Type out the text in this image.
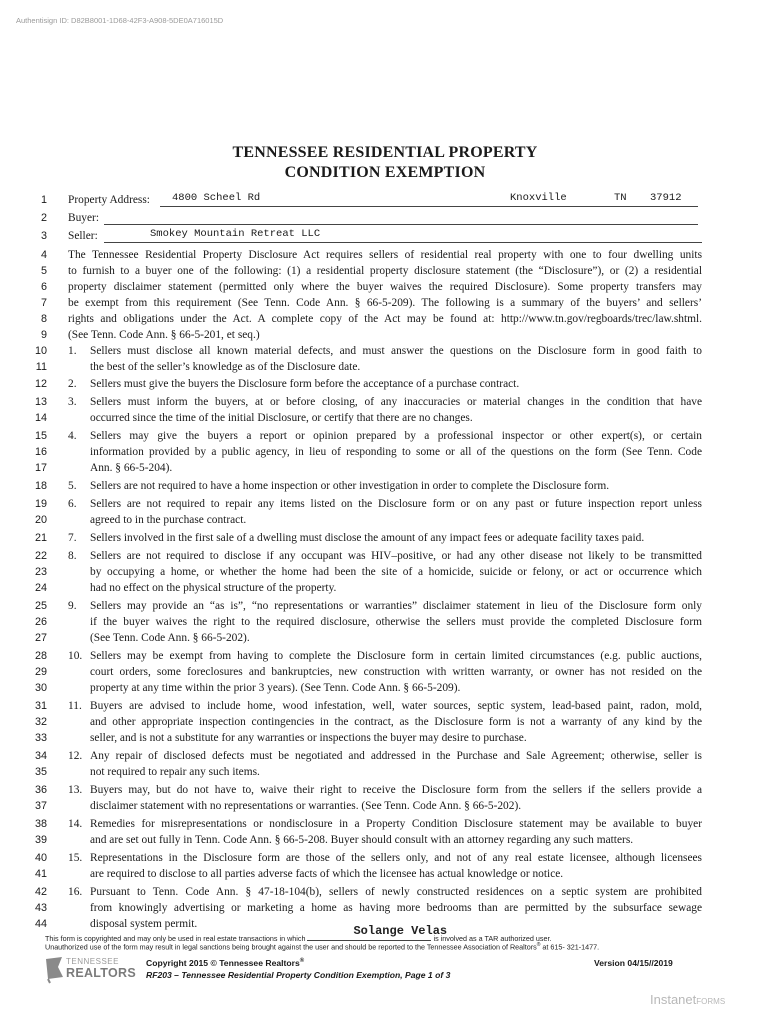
Authentisign ID: D82B8001-1D68-42F3-A908-5DE0A716015D
TENNESSEE RESIDENTIAL PROPERTY
CONDITION EXEMPTION
1 Property Address: 4800 Scheel Rd	Knoxville	TN 37912
2 Buyer:
3 Seller:	Smokey Mountain Retreat LLC
4 The Tennessee Residential Property Disclosure Act requires sellers of residential real property with one to four dwelling units
5 to furnish to a buyer one of the following: (1) a residential property disclosure statement (the “Disclosure”), or (2) a residential
6 property disclaimer statement (permitted only where the buyer waives the required Disclosure). Some property transfers may
7 be exempt from this requirement (See Tenn. Code Ann. § 66-5-209). The following is a summary of the buyers’ and sellers’
8 rights and obligations under the Act. A complete copy of the Act may be found at: http://www.tn.gov/regboards/trec/law.shtml.
9 (See Tenn. Code Ann. § 66-5-201, et seq.)
10 1. Sellers must disclose all known material defects, and must answer the questions on the Disclosure form in good faith to
11	the best of the seller’s knowledge as of the Disclosure date.
12 2. Sellers must give the buyers the Disclosure form before the acceptance of a purchase contract.
13 3. Sellers must inform the buyers, at or before closing, of any inaccuracies or material changes in the condition that have
14	occurred since the time of the initial Disclosure, or certify that there are no changes.
15 4. Sellers may give the buyers a report or opinion prepared by a professional inspector or other expert(s), or certain
16	information provided by a public agency, in lieu of responding to some or all of the questions on the form (See Tenn. Code
17	Ann. § 66-5-204).
18 5. Sellers are not required to have a home inspection or other investigation in order to complete the Disclosure form.
19 6. Sellers are not required to repair any items listed on the Disclosure form or on any past or future inspection report unless
20	agreed to in the purchase contract.
21 7. Sellers involved in the first sale of a dwelling must disclose the amount of any impact fees or adequate facility taxes paid.
22 8. Sellers are not required to disclose if any occupant was HIV–positive, or had any other disease not likely to be transmitted
23	by occupying a home, or whether the home had been the site of a homicide, suicide or felony, or act or occurrence which
24	had no effect on the physical structure of the property.
25 9. Sellers may provide an “as is”, “no representations or warranties” disclaimer statement in lieu of the Disclosure form only
26	if the buyer waives the right to the required disclosure, otherwise the sellers must provide the completed Disclosure form
27	(See Tenn. Code Ann. § 66-5-202).
28 10. Sellers may be exempt from having to complete the Disclosure form in certain limited circumstances (e.g. public auctions,
29	court orders, some foreclosures and bankruptcies, new construction with written warranty, or owner has not resided on the
30	property at any time within the prior 3 years). (See Tenn. Code Ann. § 66-5-209).
31 11. Buyers are advised to include home, wood infestation, well, water sources, septic system, lead-based paint, radon, mold,
32	and other appropriate inspection contingencies in the contract, as the Disclosure form is not a warranty of any kind by the
33	seller, and is not a substitute for any warranties or inspections the buyer may desire to purchase.
34 12. Any repair of disclosed defects must be negotiated and addressed in the Purchase and Sale Agreement; otherwise, seller is
35	not required to repair any such items.
36 13. Buyers may, but do not have to, waive their right to receive the Disclosure form from the sellers if the sellers provide a
37	disclaimer statement with no representations or warranties. (See Tenn. Code Ann. § 66-5-202).
38 14. Remedies for misrepresentations or nondisclosure in a Property Condition Disclosure statement may be available to buyer
39	and are set out fully in Tenn. Code Ann. § 66-5-208. Buyer should consult with an attorney regarding any such matters.
40 15. Representations in the Disclosure form are those of the sellers only, and not of any real estate licensee, although licensees
41	are required to disclose to all parties adverse facts of which the licensee has actual knowledge or notice.
42 16. Pursuant to Tenn. Code Ann. § 47-18-104(b), sellers of newly constructed residences on a septic system are prohibited
43	from knowingly advertising or marketing a home as having more bedrooms than are permitted by the subsurface sewage
44	disposal system permit.
This form is copyrighted and may only be used in real estate transactions in which
Solange Velas
is involved as a TAR authorized user.
Unauthorized use of the form may result in legal sanctions being brought against the user and should be reported to the Tennessee Association of Realtors® at 615- 321-1477.
TENNESSEE
REALTORS
Copyright 2015 © Tennessee Realtors®
RF203 – Tennessee Residential Property Condition Exemption, Page 1 of 3
Version 04/15//2019
InstanetFORMS
